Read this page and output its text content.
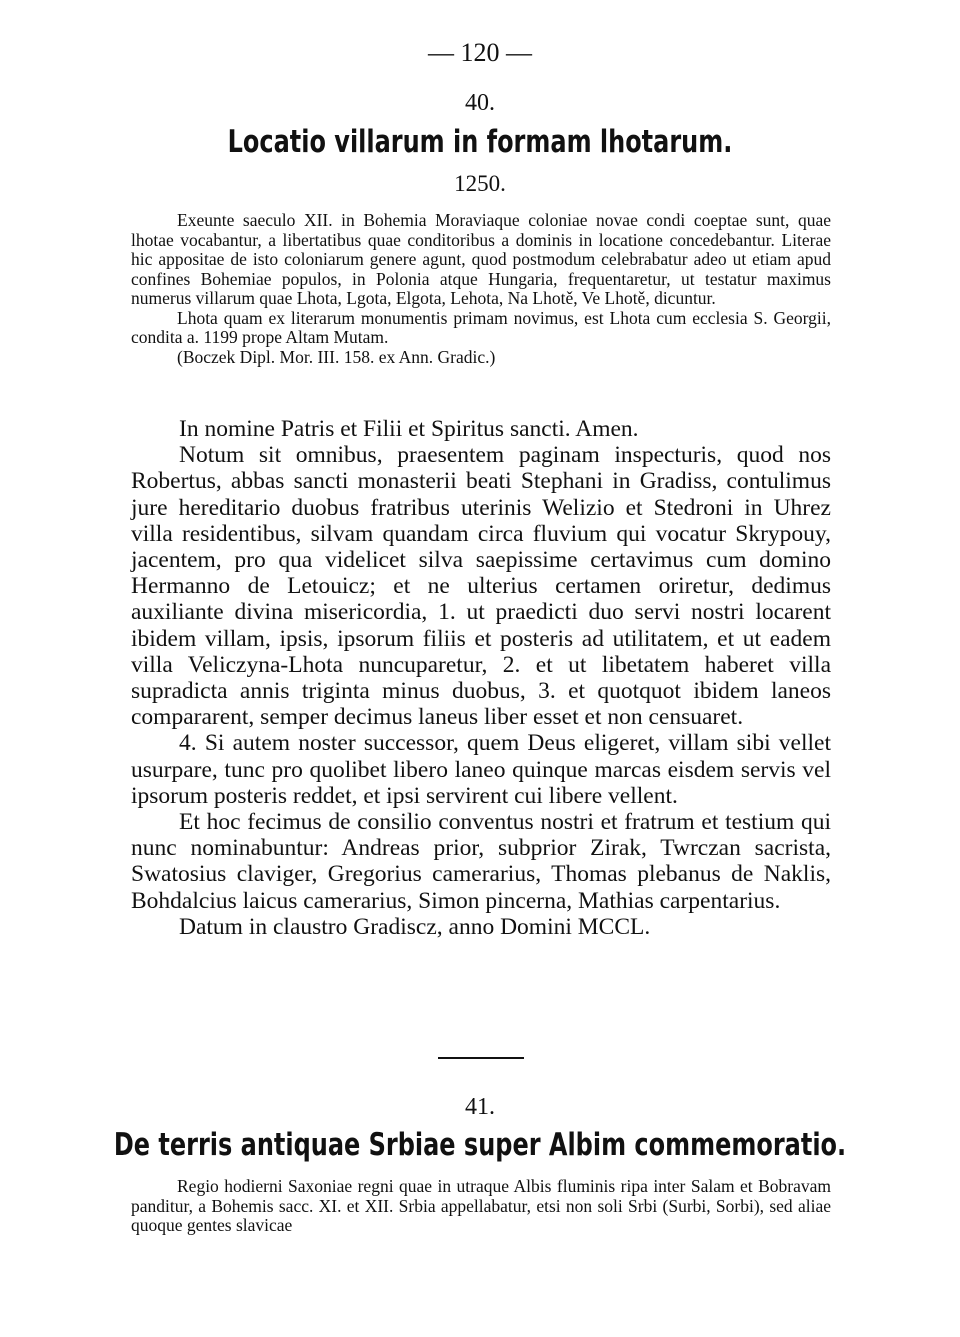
— 120 —
40.
Locatio villarum in formam lhotarum.
1250.

Exeunte saeculo XII. in Bohemia Moraviaque coloniae novae condi coeptae sunt, quae lhotae vocabantur, a libertatibus quae conditoribus a dominis in locatione concedebantur. Literae hic appositae de isto coloniarum genere agunt, quod postmodum celebrabatur adeo ut etiam apud confines Bohemiae populos, in Polonia atque Hungaria, frequentaretur, ut testatur maximus numerus villarum quae Lhota, Lgota, Elgota, Lehota, Na Lhotě, Ve Lhotě, dicuntur.

Lhota quam ex literarum monumentis primam novimus, est Lhota cum ecclesia S. Georgii, condita a. 1199 prope Altam Mutam.

(Boczek Dipl. Mor. III. 158. ex Ann. Gradic.)

In nomine Patris et Filii et Spiritus sancti. Amen.

Notum sit omnibus, praesentem paginam inspecturis, quod nos Robertus, abbas sancti monasterii beati Stephani in Gradiss, contulimus jure hereditario duobus fratribus uterinis Welizio et Stedroni in Uhrez villa residentibus, silvam quandam circa fluvium qui vocatur Skrypouy, jacentem, pro qua videlicet silva saepissime certavimus cum domino Hermanno de Letouicz; et ne ulterius certamen oriretur, dedimus auxiliante divina misericordia, 1. ut praedicti duo servi nostri locarent ibidem villam, ipsis, ipsorum filiis et posteris ad utilitatem, et ut eadem villa Veliczyna-Lhota nuncuparetur, 2. et ut libetatem haberet villa supradicta annis triginta minus duobus, 3. et quotquot ibidem laneos compararent, semper decimus laneus liber esset et non censuaret.

4. Si autem noster successor, quem Deus eligeret, villam sibi vellet usurpare, tunc pro quolibet libero laneo quinque marcas eisdem servis vel ipsorum posteris reddet, et ipsi servirent cui libere vellent.

Et hoc fecimus de consilio conventus nostri et fratrum et testium qui nunc nominabuntur: Andreas prior, subprior Zirak, Twrczan sacrista, Swatosius claviger, Gregorius camerarius, Thomas plebanus de Naklis, Bohdalcius laicus camerarius, Simon pincerna, Mathias carpentarius.

Datum in claustro Gradiscz, anno Domini MCCL.

41.
De terris antiquae Srbiae super Albim commemoratio.

Regio hodierni Saxoniae regni quae in utraque Albis fluminis ripa inter Salam et Bobravam panditur, a Bohemis sacc. XI. et XII. Srbia appellabatur, etsi non soli Srbi (Surbi, Sorbi), sed aliae quoque gentes slavicae
